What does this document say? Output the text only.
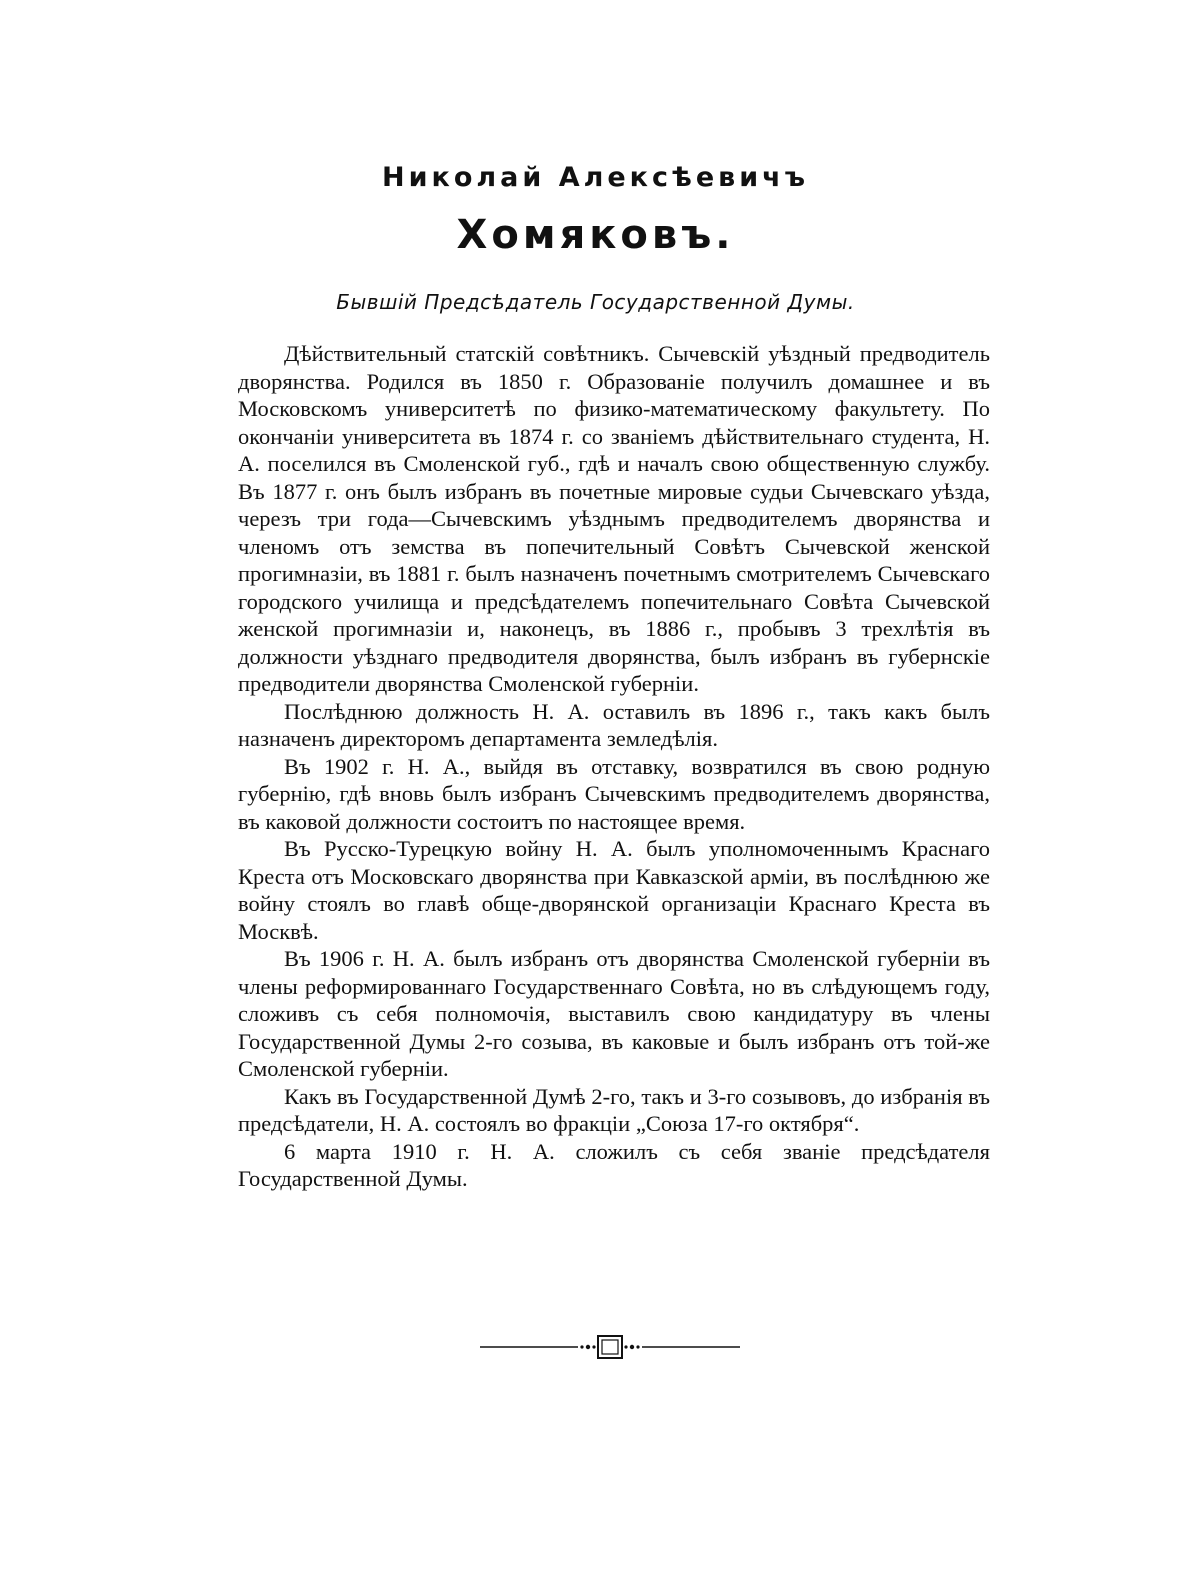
Николай Алексѣевичъ
Хомяковъ.
Бывшій Предсѣдатель Государственной Думы.

Дѣйствительный статскій совѣтникъ. Сычевскій уѣздный предводитель дворянства. Родился въ 1850 г. Образованіе получилъ домашнее и въ Московскомъ университетѣ по физико-математическому факультету. По окончаніи университета въ 1874 г. со званіемъ дѣйствительнаго студента, Н. А. поселился въ Смоленской губ., гдѣ и началъ свою общественную службу. Въ 1877 г. онъ былъ избранъ въ почетные мировые судьи Сычевскаго уѣзда, черезъ три года—Сычевскимъ уѣзднымъ предводителемъ дворянства и членомъ отъ земства въ попечительный Совѣтъ Сычевской женской прогимназіи, въ 1881 г. былъ назначенъ почетнымъ смотрителемъ Сычевскаго городского училища и предсѣдателемъ попечительнаго Совѣта Сычевской женской прогимназіи и, наконецъ, въ 1886 г., пробывъ 3 трехлѣтія въ должности уѣзднаго предводителя дворянства, былъ избранъ въ губернскіе предводители дворянства Смоленской губерніи.

Послѣднюю должность Н. А. оставилъ въ 1896 г., такъ какъ былъ назначенъ директоромъ департамента земледѣлія.

Въ 1902 г. Н. А., выйдя въ отставку, возвратился въ свою родную губернію, гдѣ вновь былъ избранъ Сычевскимъ предводителемъ дворянства, въ каковой должности состоитъ по настоящее время.

Въ Русско-Турецкую войну Н. А. былъ уполномоченнымъ Краснаго Креста отъ Московскаго дворянства при Кавказской арміи, въ послѣднюю же войну стоялъ во главѣ обще-дворянской организаціи Краснаго Креста въ Москвѣ.

Въ 1906 г. Н. А. былъ избранъ отъ дворянства Смоленской губерніи въ члены реформированнаго Государственнаго Совѣта, но въ слѣдующемъ году, сложивъ съ себя полномочія, выставилъ свою кандидатуру въ члены Государственной Думы 2-го созыва, въ каковые и былъ избранъ отъ той-же Смоленской губерніи.

Какъ въ Государственной Думѣ 2-го, такъ и 3-го созывовъ, до избранія въ предсѣдатели, Н. А. состоялъ во фракціи „Союза 17-го октября“.

6 марта 1910 г. Н. А. сложилъ съ себя званіе предсѣдателя Государственной Думы.
